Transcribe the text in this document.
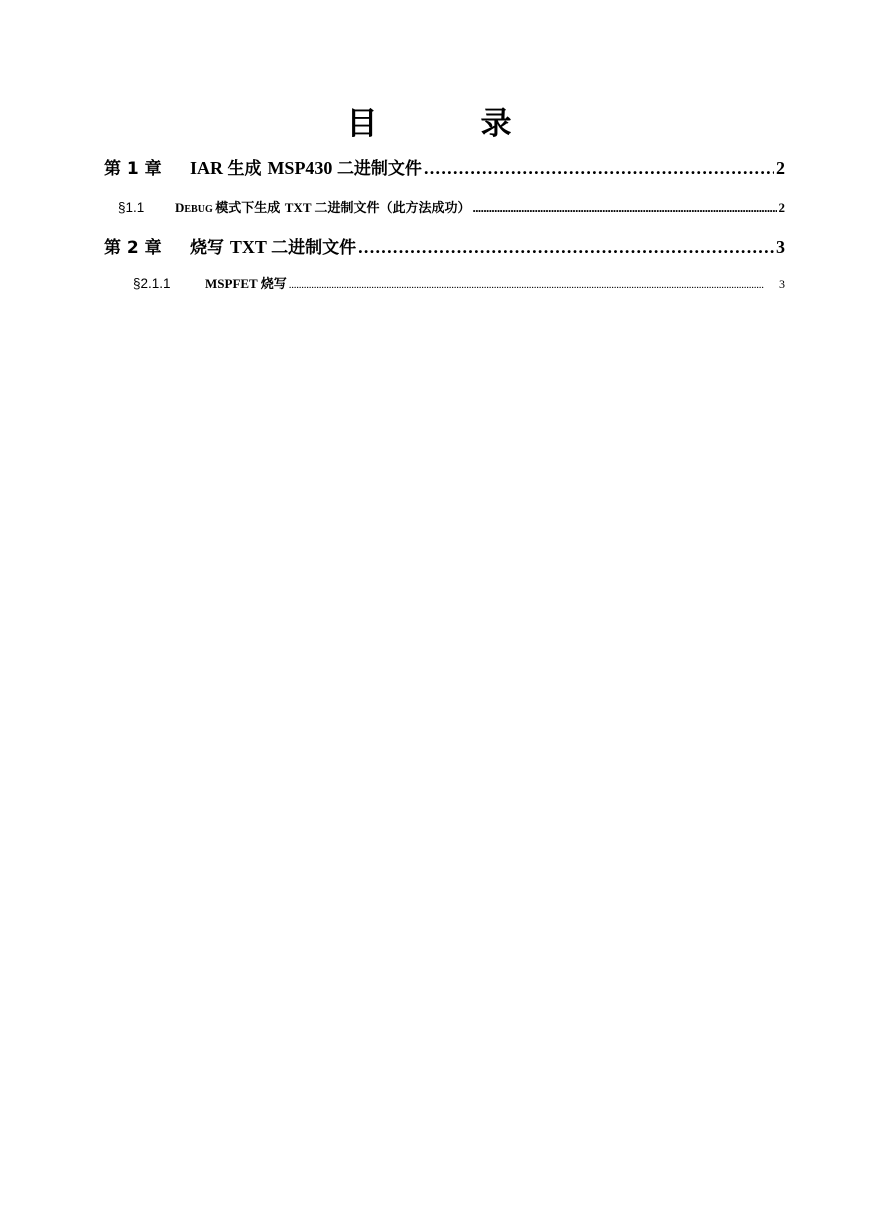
目　录
第 1 章	IAR 生成 MSP430 二进制文件 . . .	2
§1.1	DEBUG 模式下生成 TXT 二进制文件（此方法成功） . . .	2
第 2 章	烧写 TXT 二进制文件 . . .	3
§2.1.1	MSPFET 烧写 . . .	3
